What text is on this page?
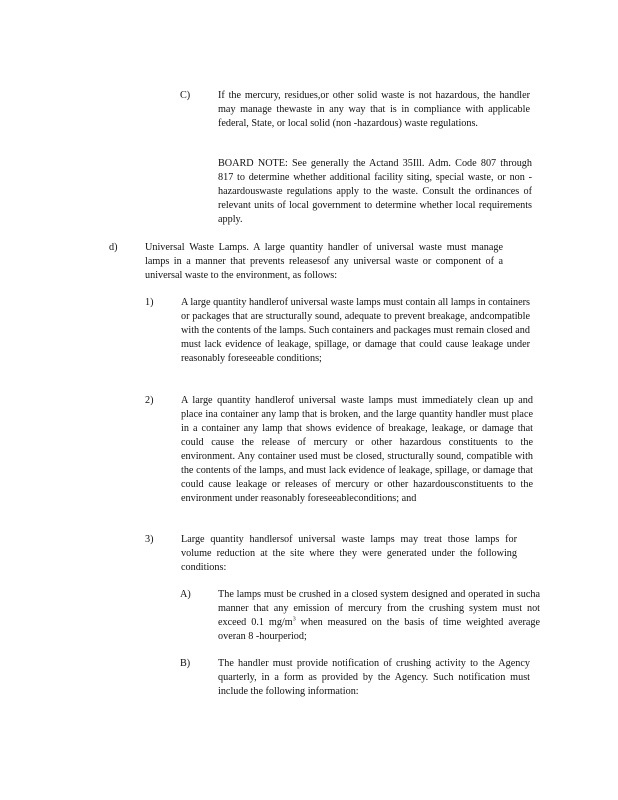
C)	If the mercury, residues,or other solid waste is not hazardous, the handler may manage thewaste in any way that is in compliance with applicable federal, State, or local solid (non -hazardous) waste regulations.
BOARD NOTE: See generally the Actand 35Ill. Adm. Code 807 through 817 to determine whether additional facility siting, special waste, or non -hazardouswaste regulations apply to the waste. Consult the ordinances of relevant units of local government to determine whether local requirements apply.
d)	Universal Waste Lamps. A large quantity handler of universal waste must manage lamps in a manner that prevents releasesof any universal waste or component of a universal waste to the environment, as follows:
1)	A large quantity handlerof universal waste lamps must contain all lamps in containers or packages that are structurally sound, adequate to prevent breakage, andcompatible with the contents of the lamps. Such containers and packages must remain closed and must lack evidence of leakage, spillage, or damage that could cause leakage under reasonably foreseeable conditions;
2)	A large quantity handlerof universal waste lamps must immediately clean up and place ina container any lamp that is broken, and the large quantity handler must place in a container any lamp that shows evidence of breakage, leakage, or damage that could cause the release of mercury or other hazardous constituents to the environment. Any container used must be closed, structurally sound, compatible with the contents of the lamps, and must lack evidence of leakage, spillage, or damage that could cause leakage or releases of mercury or other hazardousconstituents to the environment under reasonably foreseeableconditions; and
3)	Large quantity handlersof universal waste lamps may treat those lamps for volume reduction at the site where they were generated under the following conditions:
A)	The lamps must be crushed in a closed system designed and operated in sucha manner that any emission of mercury from the crushing system must not exceed 0.1 $mg/m^3$ when measured on the basis of time weighted average overan 8 -hourperiod;
B)	The handler must provide notification of crushing activity to the Agency quarterly, in a form as provided by the Agency. Such notification must include the following information:
